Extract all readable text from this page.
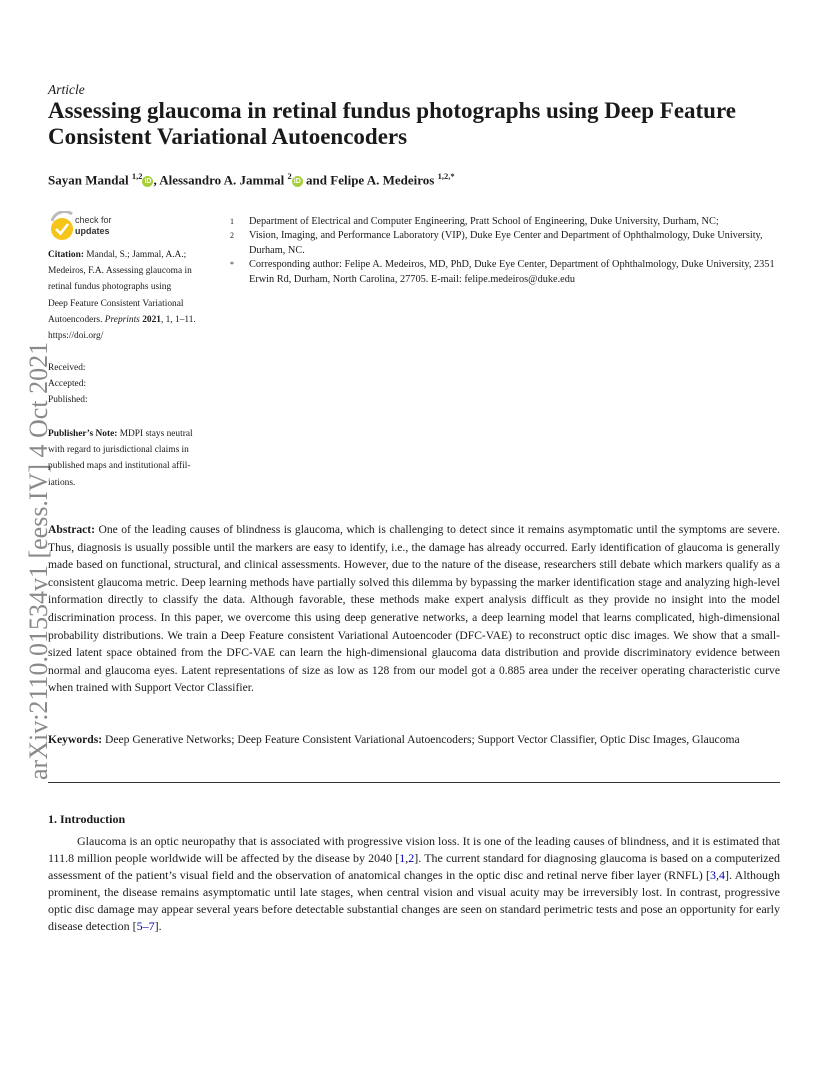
arXiv:2110.01534v1 [eess.IV] 4 Oct 2021
Article
Assessing glaucoma in retinal fundus photographs using Deep Feature Consistent Variational Autoencoders
Sayan Mandal $^{1,2}$iD , Alessandro A. Jammal $^2$iD and Felipe A. Medeiros $^{1,2,*}$
check for
updates
Citation: Mandal, S.; Jammal, A.A.;
Medeiros, F.A. Assessing glaucoma in
retinal fundus photographs using
Deep Feature Consistent Variational
Autoencoders. Preprints 2021, 1, 1–11.
https://doi.org/
Received:
Accepted:
Published:
Publisher’s Note: MDPI stays neutral
with regard to jurisdictional claims in
published maps and institutional affil-
iations.
1 Department of Electrical and Computer Engineering, Pratt School of Engineering, Duke University, Durham, NC;
2 Vision, Imaging, and Performance Laboratory (VIP), Duke Eye Center and Department of Ophthalmology, Duke University, Durham, NC.
* Corresponding author: Felipe A. Medeiros, MD, PhD, Duke Eye Center, Department of Ophthalmology, Duke University, 2351 Erwin Rd, Durham, North Carolina, 27705. E-mail: felipe.medeiros@duke.edu
Abstract: One of the leading causes of blindness is glaucoma, which is challenging to detect since it remains asymptomatic until the symptoms are severe. Thus, diagnosis is usually possible until the markers are easy to identify, i.e., the damage has already occurred. Early identification of glaucoma is generally made based on functional, structural, and clinical assessments. However, due to the nature of the disease, researchers still debate which markers qualify as a consistent glaucoma metric. Deep learning methods have partially solved this dilemma by bypassing the marker identification stage and analyzing high-level information directly to classify the data. Although favorable, these methods make expert analysis difficult as they provide no insight into the model discrimination process. In this paper, we overcome this using deep generative networks, a deep learning model that learns complicated, high-dimensional probability distributions. We train a Deep Feature consistent Variational Autoencoder (DFC-VAE) to reconstruct optic disc images. We show that a small-sized latent space obtained from the DFC-VAE can learn the high-dimensional glaucoma data distribution and provide discriminatory evidence between normal and glaucoma eyes. Latent representations of size as low as 128 from our model got a 0.885 area under the receiver operating characteristic curve when trained with Support Vector Classifier.
Keywords: Deep Generative Networks; Deep Feature Consistent Variational Autoencoders; Support Vector Classifier, Optic Disc Images, Glaucoma
1. Introduction
Glaucoma is an optic neuropathy that is associated with progressive vision loss. It is one of the leading causes of blindness, and it is estimated that 111.8 million people worldwide will be affected by the disease by 2040 [1,2]. The current standard for diagnosing glaucoma is based on a computerized assessment of the patient’s visual field and the observation of anatomical changes in the optic disc and retinal nerve fiber layer (RNFL) [3,4]. Although prominent, the disease remains asymptomatic until late stages, when central vision and visual acuity may be irreversibly lost. In contrast, progressive optic disc damage may appear several years before detectable substantial changes are seen on standard perimetric tests and pose an opportunity for early disease detection [5–7].
